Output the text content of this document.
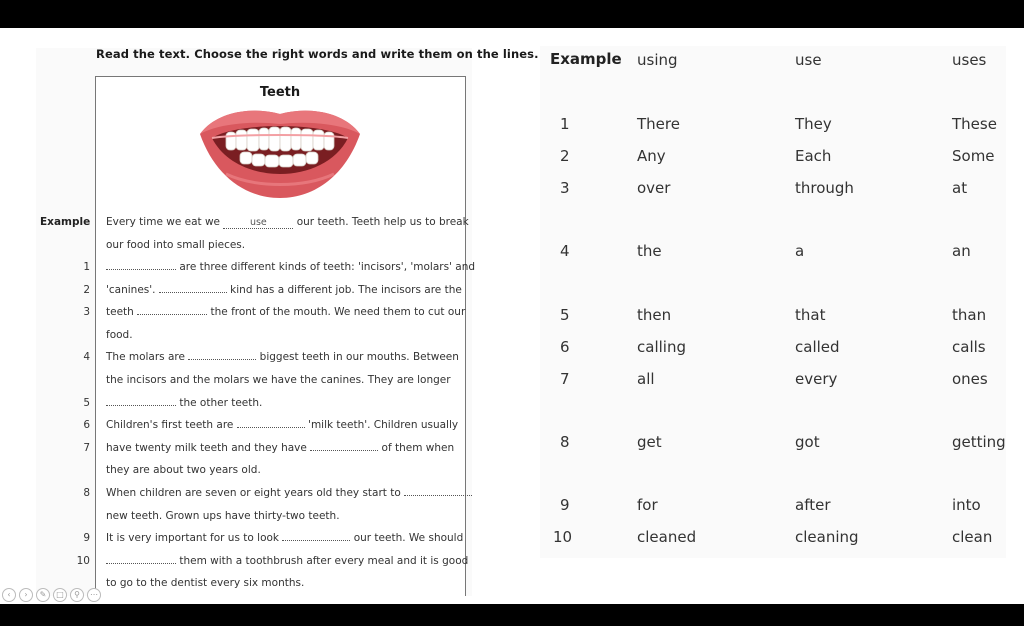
Read the text. Choose the right words and write them on the lines.
Teeth
Example Every time we eat we	use	our teeth. Teeth help us to break
our food into small pieces.
1	are three different kinds of teeth: 'incisors', 'molars' and
2 'canines'.	kind has a different job. The incisors are the
3 teeth	the front of the mouth. We need them to cut our
food.
4 The molars are	biggest teeth in our mouths. Between
the incisors and the molars we have the canines. They are longer
5	the other teeth.
6 Children's first teeth are	'milk teeth'. Children usually
7 have twenty milk teeth and they have	of them when
they are about two years old.
8 When children are seven or eight years old they start to
new teeth. Grown ups have thirty-two teeth.
9 It is very important for us to look	our teeth. We should
10	them with a toothbrush after every meal and it is good
to go to the dentist every six months.
Example using	use	uses
1	There	They	These
2	Any	Each	Some
3	over	through	at
4	the	a	an
5	then	that	than
6	calling	called	calls
7	all	every	ones
8	get	got	getting
9	for	after	into
10	cleaned	cleaning	clean
‹	›	✎	□	⚲	⋯
